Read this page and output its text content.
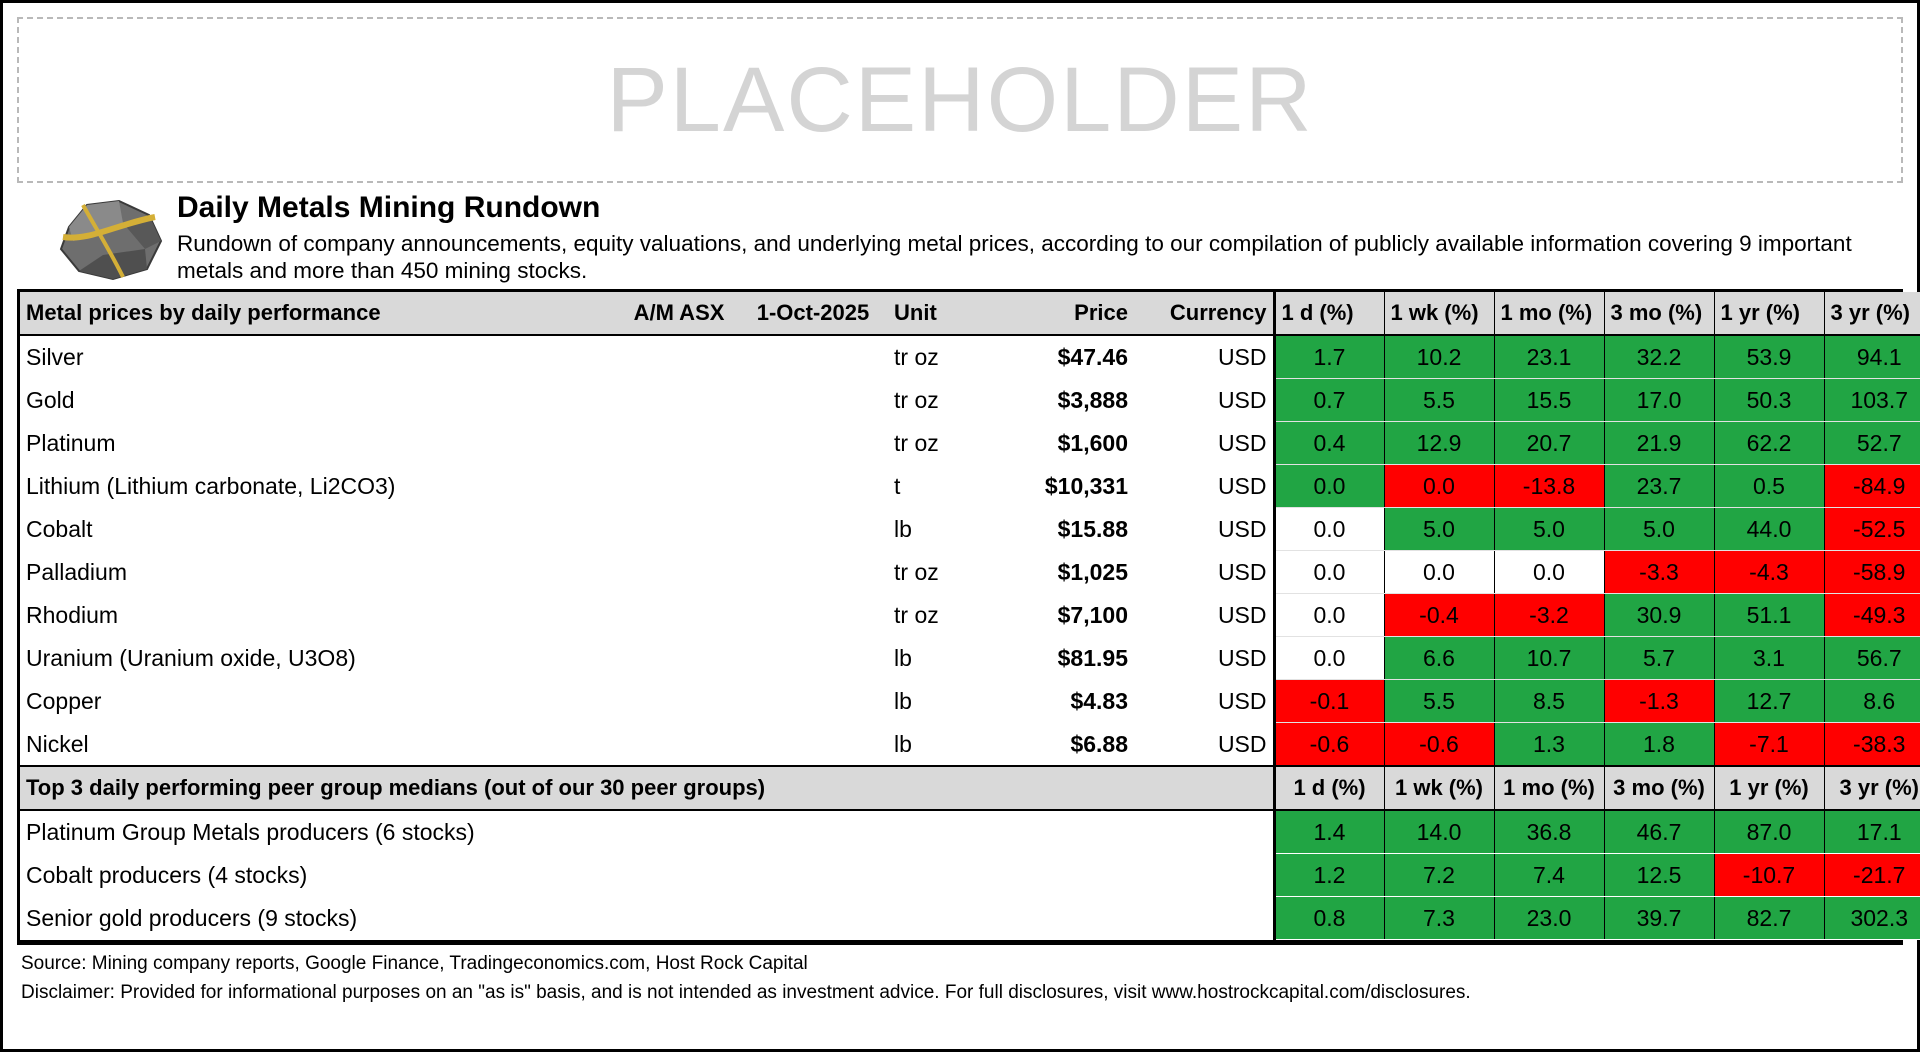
PLACEHOLDER
Daily Metals Mining Rundown
Rundown of company announcements, equity valuations, and underlying metal prices, according to our compilation of publicly available information covering 9 important metals and more than 450 mining stocks.
Metal prices by daily performance	A/M ASX	1-Oct-2025	Unit	Price	Currency	1 d (%)	1 wk (%)	1 mo (%)	3 mo (%)	1 yr (%)	3 yr (%)
Silver			tr oz	$47.46	USD	1.7	10.2	23.1	32.2	53.9	94.1
Gold			tr oz	$3,888	USD	0.7	5.5	15.5	17.0	50.3	103.7
Platinum			tr oz	$1,600	USD	0.4	12.9	20.7	21.9	62.2	52.7
Lithium (Lithium carbonate, Li2CO3)			t	$10,331	USD	0.0	0.0	-13.8	23.7	0.5	-84.9
Cobalt			lb	$15.88	USD	0.0	5.0	5.0	5.0	44.0	-52.5
Palladium			tr oz	$1,025	USD	0.0	0.0	0.0	-3.3	-4.3	-58.9
Rhodium			tr oz	$7,100	USD	0.0	-0.4	-3.2	30.9	51.1	-49.3
Uranium (Uranium oxide, U3O8)			lb	$81.95	USD	0.0	6.6	10.7	5.7	3.1	56.7
Copper			lb	$4.83	USD	-0.1	5.5	8.5	-1.3	12.7	8.6
Nickel			lb	$6.88	USD	-0.6	-0.6	1.3	1.8	-7.1	-38.3
Top 3 daily performing peer group medians (out of our 30 peer groups)						1 d (%)	1 wk (%)	1 mo (%)	3 mo (%)	1 yr (%)	3 yr (%)
Platinum Group Metals producers (6 stocks)						1.4	14.0	36.8	46.7	87.0	17.1
Cobalt producers (4 stocks)						1.2	7.2	7.4	12.5	-10.7	-21.7
Senior gold producers (9 stocks)						0.8	7.3	23.0	39.7	82.7	302.3
Source: Mining company reports, Google Finance, Tradingeconomics.com, Host Rock Capital
Disclaimer: Provided for informational purposes on an "as is" basis, and is not intended as investment advice. For full disclosures, visit www.hostrockcapital.com/disclosures.
